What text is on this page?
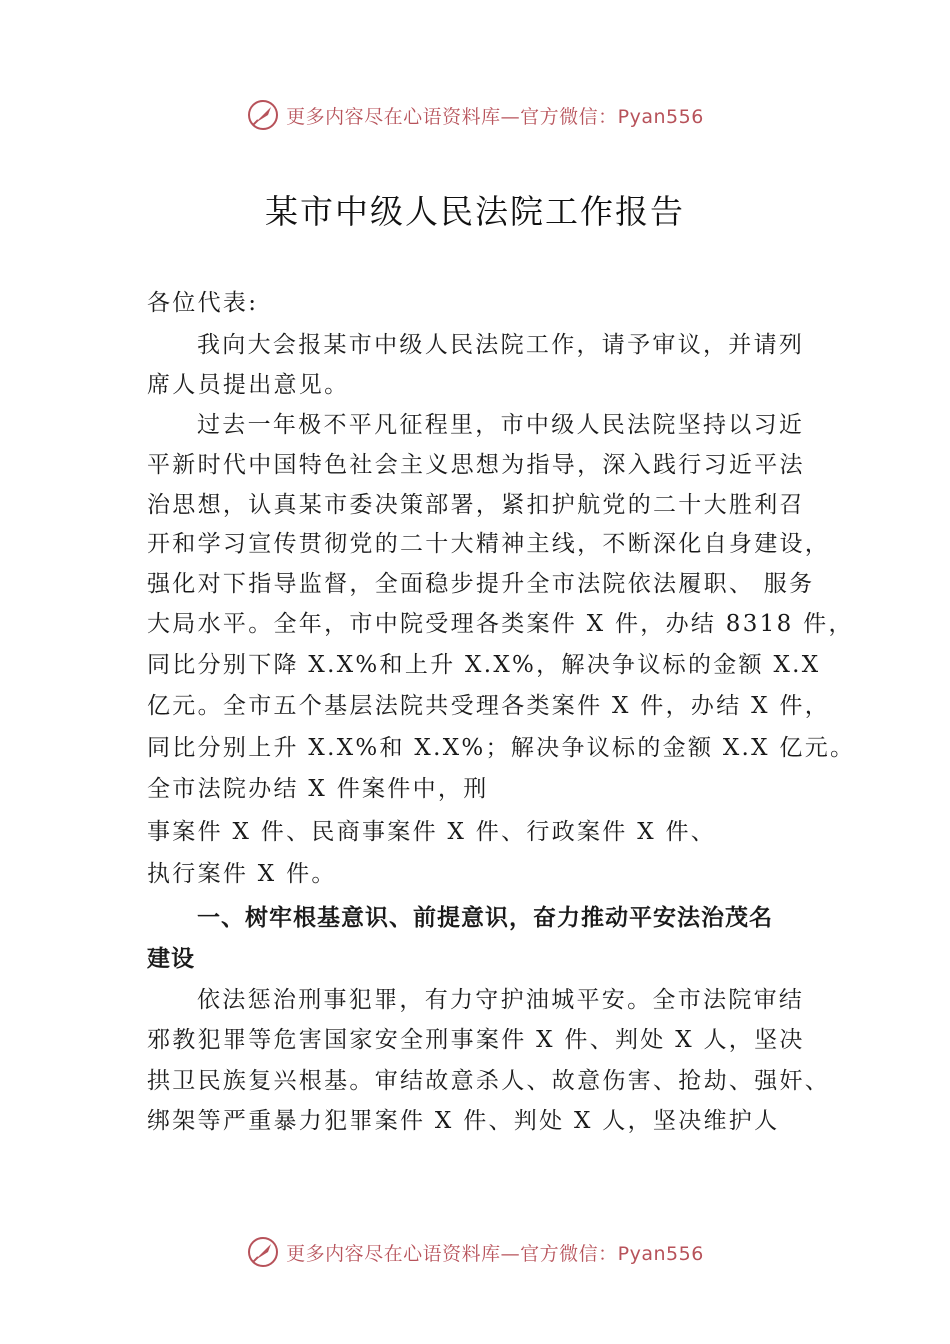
更多内容尽在心语资料库—官方微信：Pyan556
某市中级人民法院工作报告
各位代表:
我向大会报某市中级人民法院工作，请予审议，并请列
席人员提出意见。
过去一年极不平凡征程里，市中级人民法院坚持以习近
平新时代中国特色社会主义思想为指导，深入践行习近平法
治思想，认真某市委决策部署，紧扣护航党的二十大胜利召
开和学习宣传贯彻党的二十大精神主线，不断深化自身建设，
强化对下指导监督，全面稳步提升全市法院依法履职、 服务
大局水平。全年，市中院受理各类案件 X 件，办结 8318 件，
同比分别下降 X.X%和上升 X.X%，解决争议标的金额 X.X
亿元。全市五个基层法院共受理各类案件 X 件，办结 X 件，
同比分别上升 X.X%和 X.X%；解决争议标的金额 X.X 亿元。
全市法院办结 X 件案件中，刑
事案件 X 件、民商事案件 X 件、行政案件 X 件、
执行案件 X 件。
一、树牢根基意识、前提意识，奋力推动平安法治茂名
建设
依法惩治刑事犯罪，有力守护油城平安。全市法院审结
邪教犯罪等危害国家安全刑事案件 X 件、判处 X 人，坚决
拱卫民族复兴根基。审结故意杀人、故意伤害、抢劫、强奸、
绑架等严重暴力犯罪案件 X 件、判处 X 人，坚决维护人
更多内容尽在心语资料库—官方微信：Pyan556
